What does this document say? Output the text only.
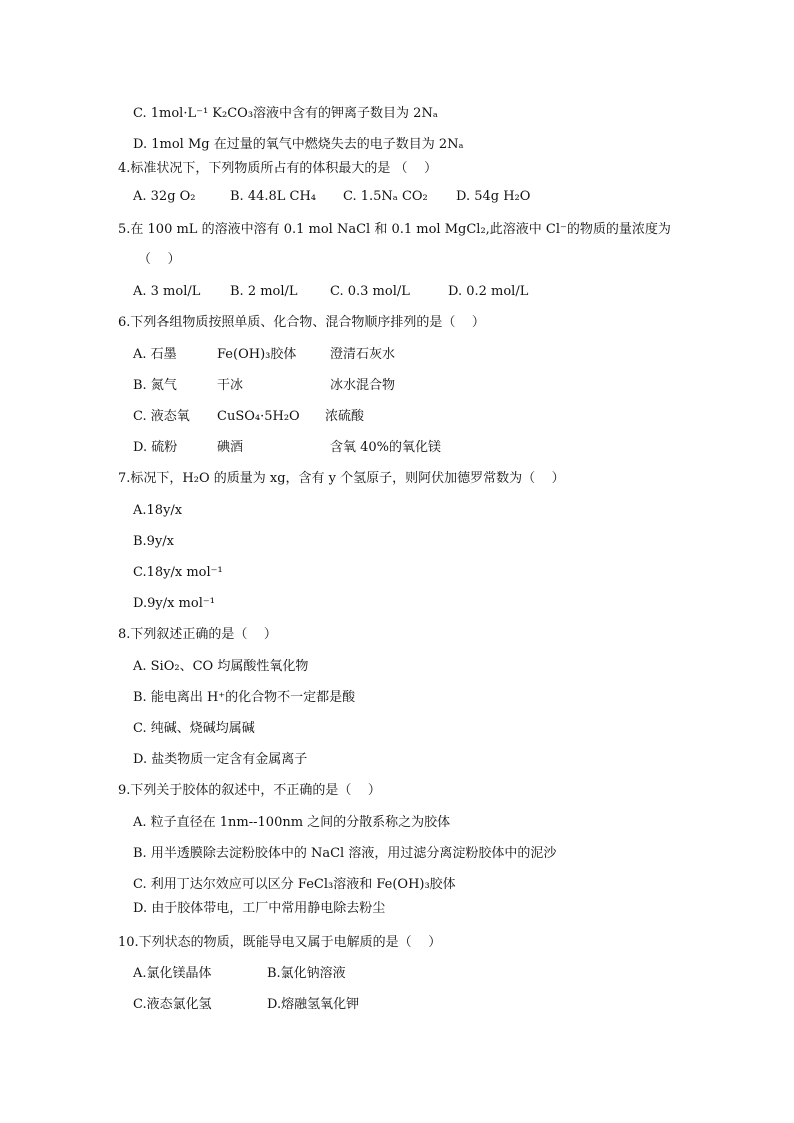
C. 1mol·L⁻¹ K₂CO₃溶液中含有的钾离子数目为 2Nₐ
D. 1mol Mg 在过量的氧气中燃烧失去的电子数目为 2Nₐ
4.标准状况下，下列物质所占有的体积最大的是 （    ）
A. 32g O₂	B. 44.8L CH₄ C. 1.5Nₐ CO₂ D. 54g H₂O
5.在 100 mL 的溶液中溶有 0.1 mol NaCl 和 0.1 mol MgCl₂,此溶液中 Cl⁻的物质的量浓度为
（    ）
A. 3 mol/L B. 2 mol/L C. 0.3 mol/L	D. 0.2 mol/L
6.下列各组物质按照单质、化合物、混合物顺序排列的是（    ）
A. 石墨	Fe(OH)₃胶体	澄清石灰水
B. 氮气	干冰	冰水混合物
C. 液态氧 CuSO₄·5H₂O 浓硫酸
D. 硫粉	碘酒	含氧 40%的氧化镁
7.标况下，H₂O 的质量为 xg，含有 y 个氢原子，则阿伏加德罗常数为（    ）
A.18y/x
B.9y/x
C.18y/x mol⁻¹
D.9y/x mol⁻¹
8.下列叙述正确的是（    ）
A. SiO₂、CO 均属酸性氧化物
B. 能电离出 H⁺的化合物不一定都是酸
C. 纯碱、烧碱均属碱
D. 盐类物质一定含有金属离子
9.下列关于胶体的叙述中，不正确的是（    ）
A. 粒子直径在 1nm--100nm 之间的分散系称之为胶体
B. 用半透膜除去淀粉胶体中的 NaCl 溶液，用过滤分离淀粉胶体中的泥沙
C. 利用丁达尔效应可以区分 FeCl₃溶液和 Fe(OH)₃胶体
D. 由于胶体带电，工厂中常用静电除去粉尘
10.下列状态的物质，既能导电又属于电解质的是（    ）
A.氯化镁晶体	B.氯化钠溶液
C.液态氯化氢	D.熔融氢氧化钾
